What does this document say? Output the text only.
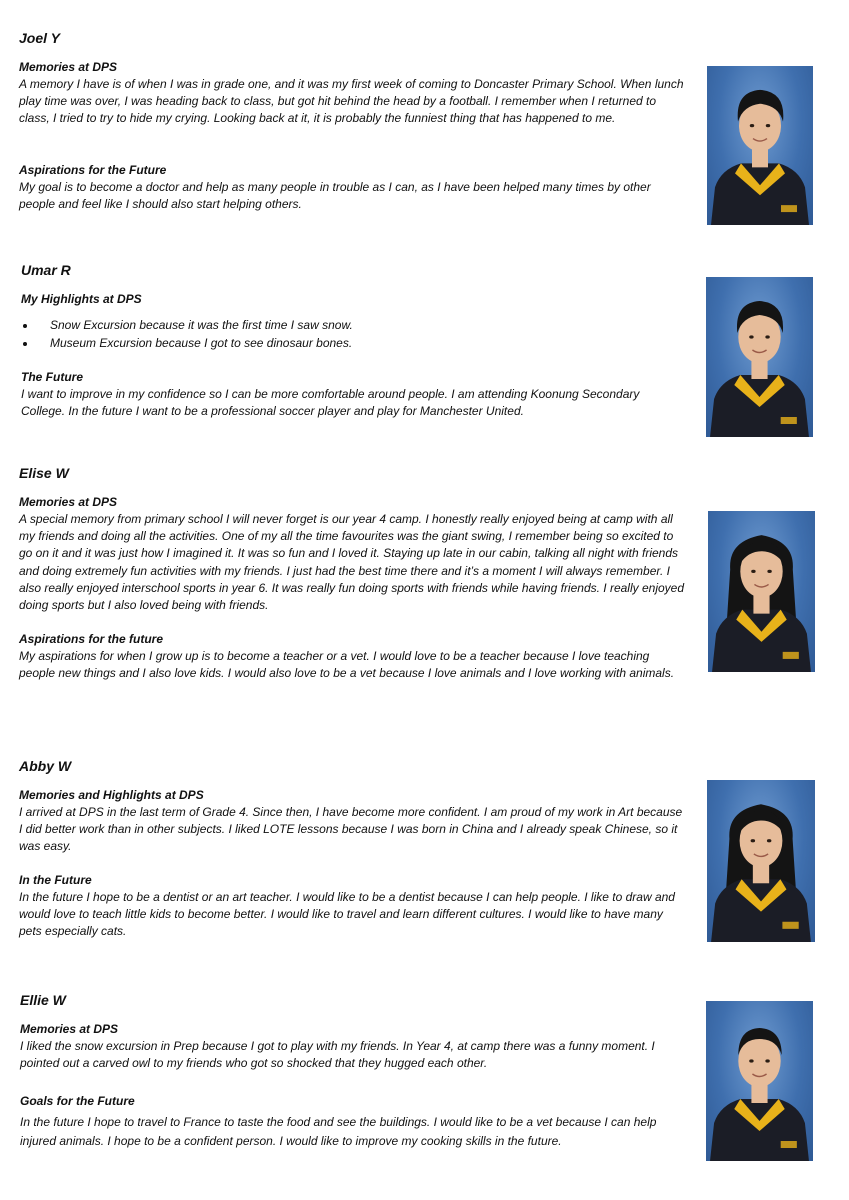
Joel Y
Memories at DPS

A memory I have is of when I was in grade one, and it was my first week of coming to Doncaster Primary School. When lunch play time was over, I was heading back to class, but got hit behind the head by a football. I remember when I returned to class, I tried to try to hide my crying. Looking back at it, it is probably the funniest thing that has happened to me.

Aspirations for the Future

My goal is to become a doctor and help as many people in trouble as I can, as I have been helped many times by other people and feel like I should also start helping others.

Umar R
My Highlights at DPS
Snow Excursion because it was the first time I saw snow.
Museum Excursion because I got to see dinosaur bones.
The Future

I want to improve in my confidence so I can be more comfortable around people. I am attending Koonung Secondary College. In the future I want to be a professional soccer player and play for Manchester United.

Elise W
Memories at DPS

A special memory from primary school I will never forget is our year 4 camp. I honestly really enjoyed being at camp with all my friends and doing all the activities. One of my all the time favourites was the giant swing, I remember being so excited to go on it and it was just how I imagined it. It was so fun and I loved it. Staying up late in our cabin, talking all night with friends and doing extremely fun activities with my friends. I just had the best time there and it’s a moment I will always remember. I also really enjoyed interschool sports in year 6. It was really fun doing sports with friends while having friends. I really enjoyed doing sports but I also loved being with friends.

Aspirations for the future

My aspirations for when I grow up is to become a teacher or a vet. I would love to be a teacher because I love teaching people new things and I also love kids. I would also love to be a vet because I love animals and I love working with animals.

Abby W
Memories and Highlights at DPS

I arrived at DPS in the last term of Grade 4. Since then, I have become more confident. I am proud of my work in Art because I did better work than in other subjects. I liked LOTE lessons because I was born in China and I already speak Chinese, so it was easy.

In the Future

In the future I hope to be a dentist or an art teacher. I would like to be a dentist because I can help people. I like to draw and would love to teach little kids to become better. I would like to travel and learn different cultures. I would like to have many pets especially cats.

Ellie W
Memories at DPS

I liked the snow excursion in Prep because I got to play with my friends. In Year 4, at camp there was a funny moment. I pointed out a carved owl to my friends who got so shocked that they hugged each other.

Goals for the Future

In the future I hope to travel to France to taste the food and see the buildings. I would like to be a vet because I can help injured animals. I hope to be a confident person. I would like to improve my cooking skills in the future.
